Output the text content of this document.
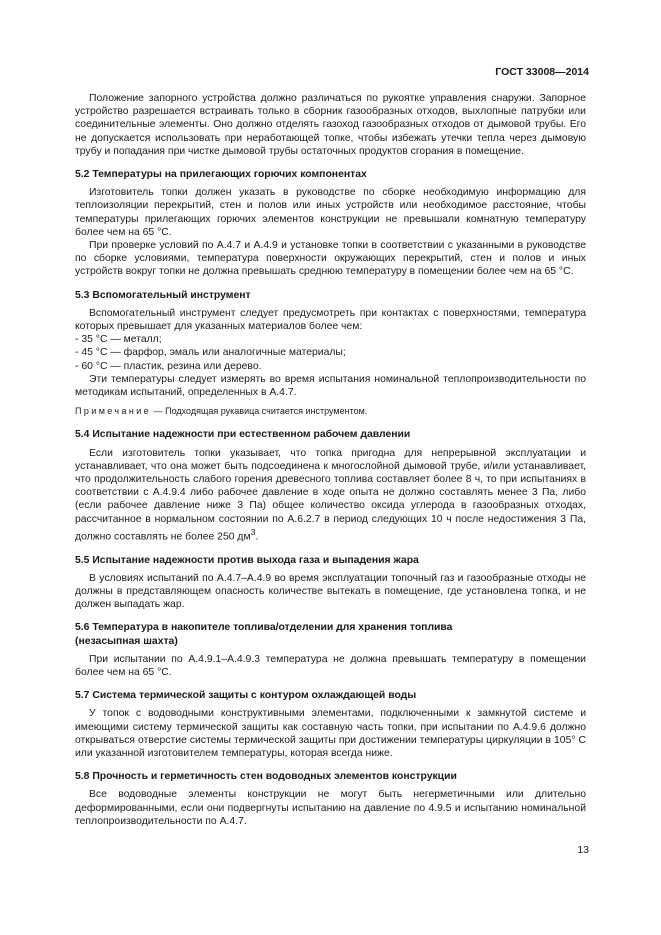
ГОСТ 33008—2014

Положение запорного устройства должно различаться по рукоятке управления снаружи. Запорное устройство разрешается встраивать только в сборник газообразных отходов, выхлопные патрубки или соединительные элементы. Оно должно отделять газоход газообразных отходов от дымовой трубы. Его не допускается использовать при неработающей топке, чтобы избежать утечки тепла через дымовую трубу и попадания при чистке дымовой трубы остаточных продуктов сгорания в помещение.

5.2 Температуры на прилегающих горючих компонентах

Изготовитель топки должен указать в руководстве по сборке необходимую информацию для теплоизоляции перекрытий, стен и полов или иных устройств или необходимое расстояние, чтобы температуры прилегающих горючих элементов конструкции не превышали комнатную температуру более чем на 65 °C.

При проверке условий по А.4.7 и А.4.9 и установке топки в соответствии с указанными в руководстве по сборке условиями, температура поверхности окружающих перекрытий, стен и полов и иных устройств вокруг топки не должна превышать среднюю температуру в помещении более чем на 65 °C.

5.3 Вспомогательный инструмент

Вспомогательный инструмент следует предусмотреть при контактах с поверхностями, температура которых превышает для указанных материалов более чем:

- 35 °C — металл;

- 45 °C — фарфор, эмаль или аналогичные материалы;

- 60 °C — пластик, резина или дерево.

Эти температуры следует измерять во время испытания номинальной теплопроизводительности по методикам испытаний, определенных в А.4.7.

Примечание — Подходящая рукавица считается инструментом.

5.4 Испытание надежности при естественном рабочем давлении

Если изготовитель топки указывает, что топка пригодна для непрерывной эксплуатации и устанавливает, что она может быть подсоединена к многослойной дымовой трубе, и/или устанавливает, что продолжительность слабого горения древесного топлива составляет более 8 ч, то при испытаниях в соответствии с А.4.9.4 либо рабочее давление в ходе опыта не должно составлять менее 3 Па, либо (если рабочее давление ниже 3 Па) общее количество оксида углерода в газообразных отходах, рассчитанное в нормальном состоянии по А.6.2.7 в период следующих 10 ч после недостижения 3 Па, должно составлять не более 250 $дм^3$.

5.5 Испытание надежности против выхода газа и выпадения жара

В условиях испытаний по А.4.7–А.4.9 во время эксплуатации топочный газ и газообразные отходы не должны в представляющем опасность количестве вытекать в помещение, где установлена топка, и не должен выпадать жар.

5.6 Температура в накопителе топлива/отделении для хранения топлива

(незасыпная шахта)

При испытании по А.4.9.1–А.4.9.3 температура не должна превышать температуру в помещении более чем на 65 °C.

5.7 Система термической защиты с контуром охлаждающей воды

У топок с водоводными конструктивными элементами, подключенными к замкнутой системе и имеющими систему термической защиты как составную часть топки, при испытании по А.4.9.6 должно открываться отверстие системы термической защиты при достижении температуры циркуляции в 105° С или указанной изготовителем температуры, которая всегда ниже.

5.8 Прочность и герметичность стен водоводных элементов конструкции

Все водоводные элементы конструкции не могут быть негерметичными или длительно деформированными, если они подвергнуты испытанию на давление по 4.9.5 и испытанию номинальной теплопроизводительности по А.4.7.

13
